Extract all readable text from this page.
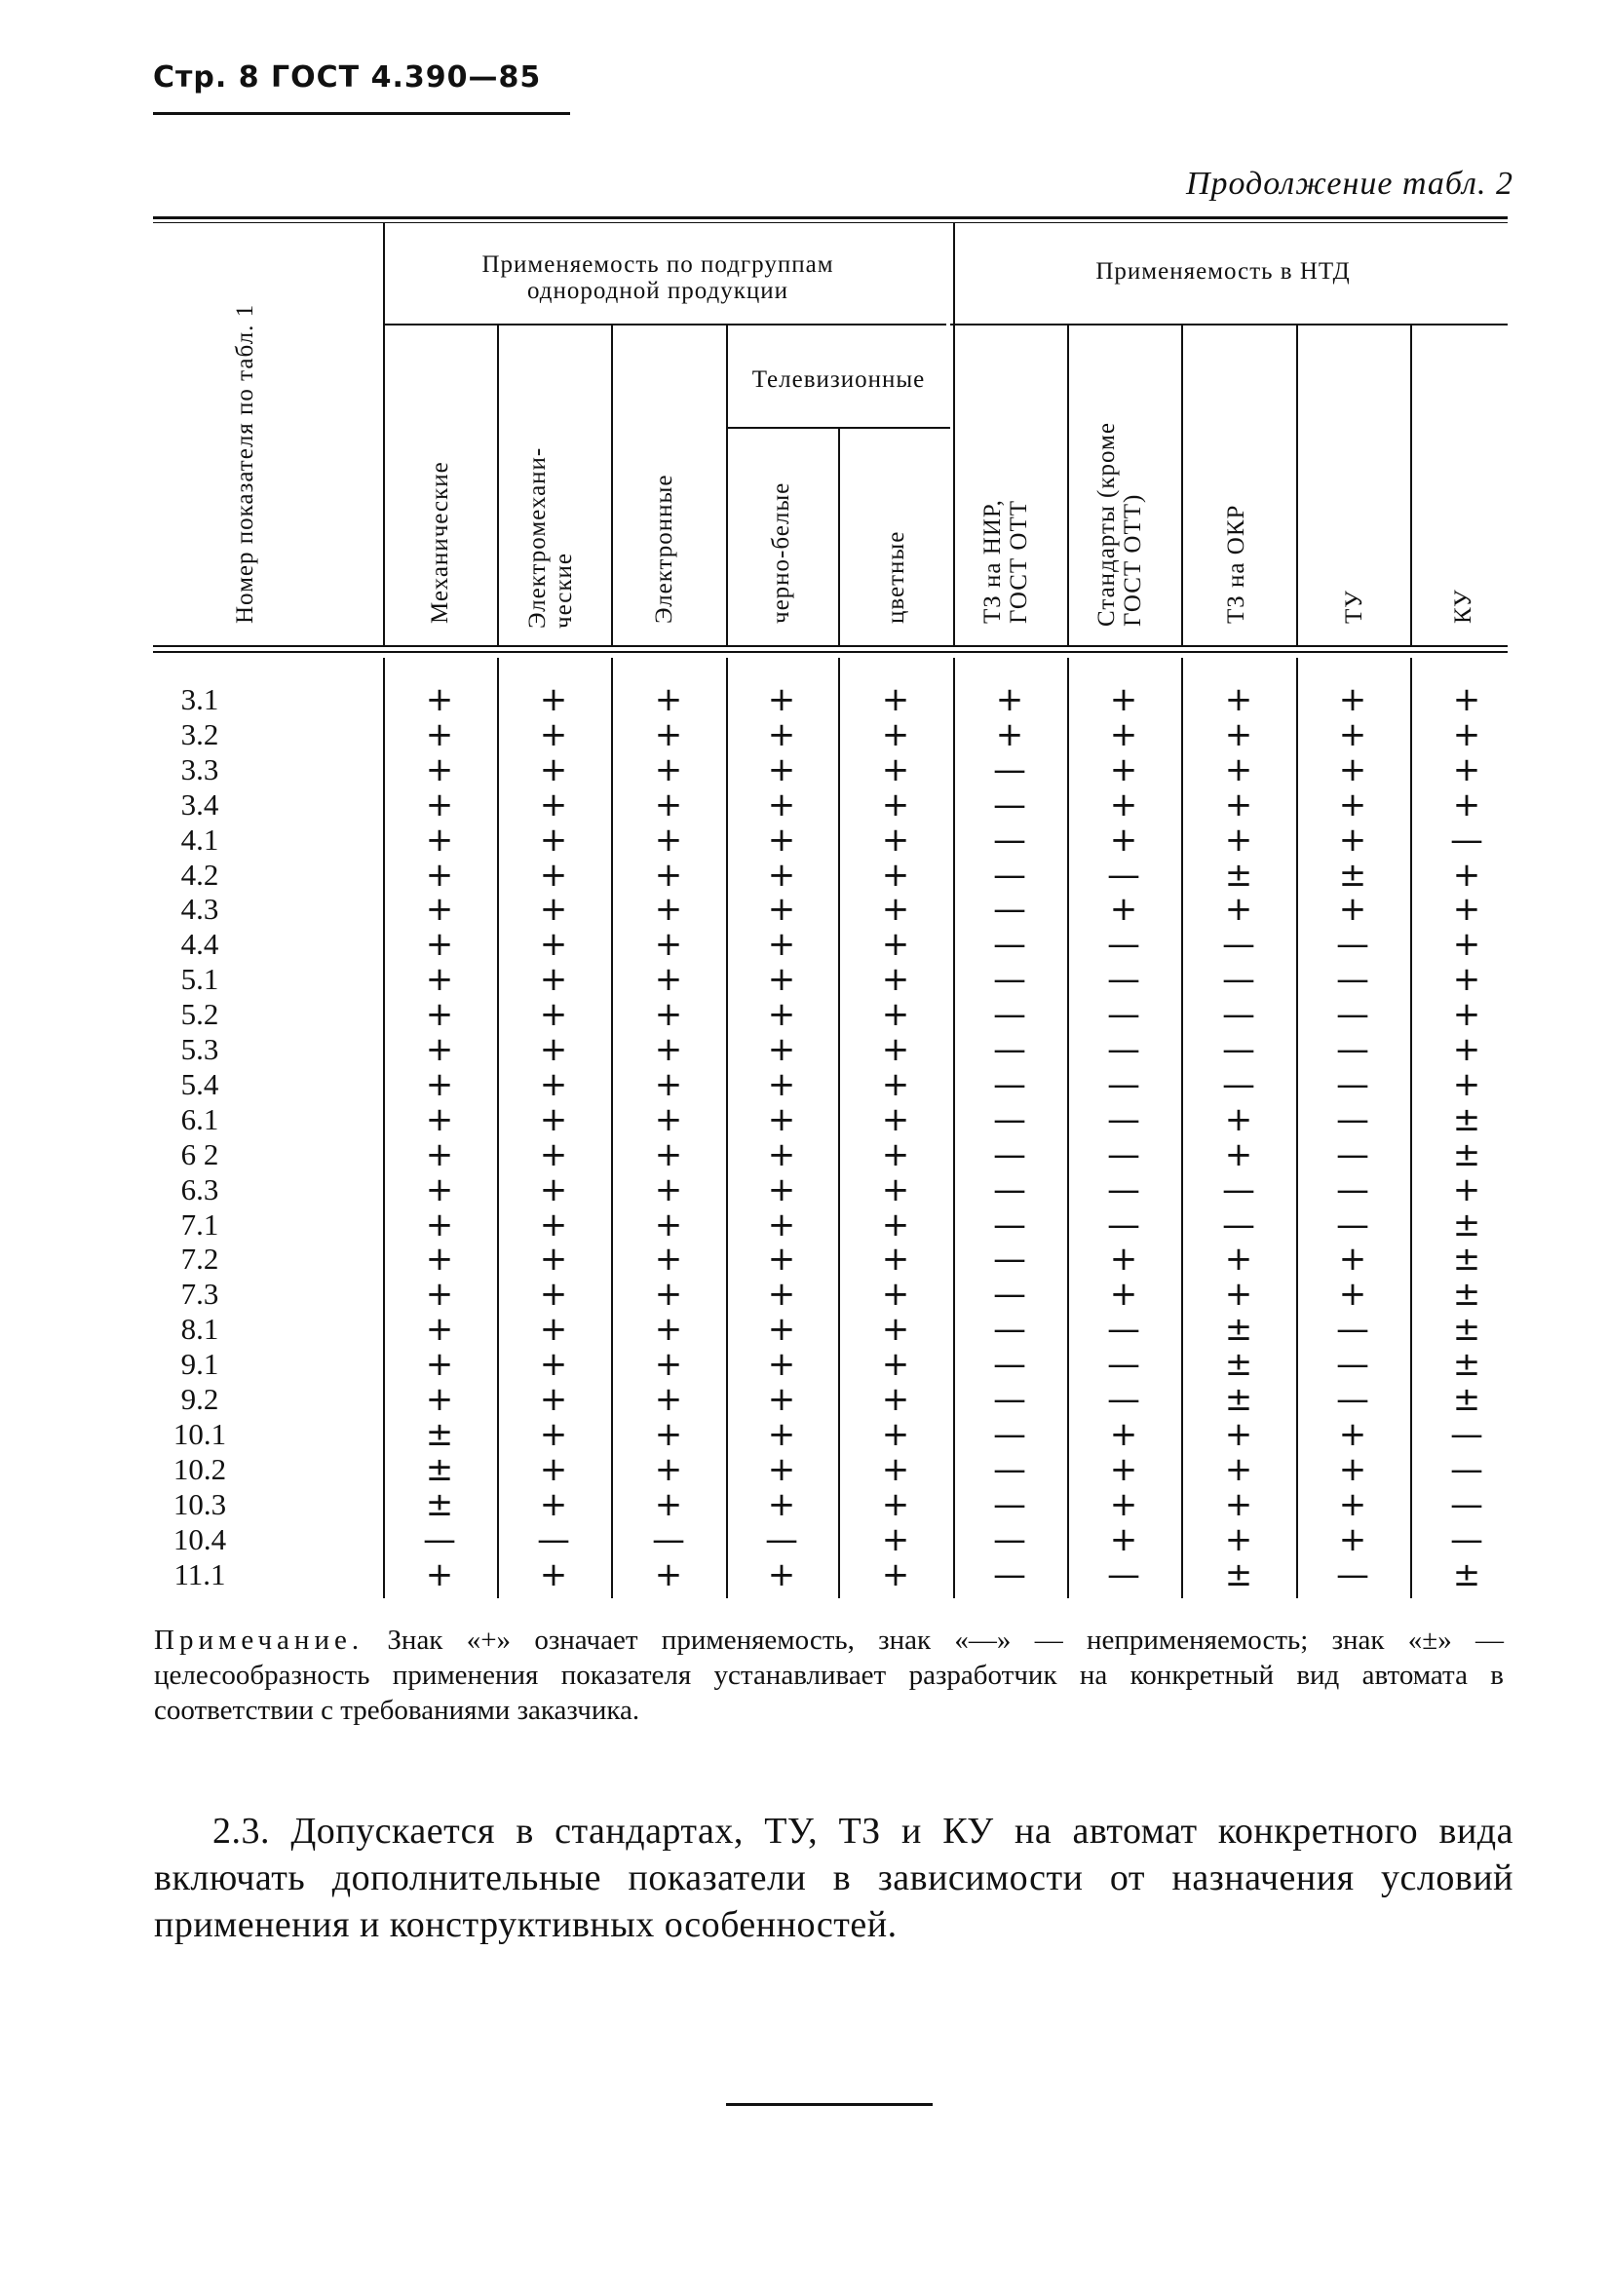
Стр. 8 ГОСТ 4.390—85
Продолжение табл. 2
Применяемость по подгруппам однородной продукции
Применяемость в НТД
Телевизионные
Номер показателя по табл. 1	Механические	Электромехани-
ческие	Электронные	черно-белые	цветные	ТЗ на НИР,
ГОСТ ОТТ	Стандарты (кроме
ГОСТ ОТТ)	ТЗ на ОКР	ТУ	КУ
3.1	+	+	+	+	+	+	+	+	+	+
3.2	+	+	+	+	+	+	+	+	+	+
3.3	+	+	+	+	+	—	+	+	+	+
3.4	+	+	+	+	+	—	+	+	+	+
4.1	+	+	+	+	+	—	+	+	+	—
4.2	+	+	+	+	+	—	—	±	±	+
4.3	+	+	+	+	+	—	+	+	+	+
4.4	+	+	+	+	+	—	—	—	—	+
5.1	+	+	+	+	+	—	—	—	—	+
5.2	+	+	+	+	+	—	—	—	—	+
5.3	+	+	+	+	+	—	—	—	—	+
5.4	+	+	+	+	+	—	—	—	—	+
6.1	+	+	+	+	+	—	—	+	—	±
6 2	+	+	+	+	+	—	—	+	—	±
6.3	+	+	+	+	+	—	—	—	—	+
7.1	+	+	+	+	+	—	—	—	—	±
7.2	+	+	+	+	+	—	+	+	+	±
7.3	+	+	+	+	+	—	+	+	+	±
8.1	+	+	+	+	+	—	—	±	—	±
9.1	+	+	+	+	+	—	—	±	—	±
9.2	+	+	+	+	+	—	—	±	—	±
10.1	±	+	+	+	+	—	+	+	+	—
10.2	±	+	+	+	+	—	+	+	+	—
10.3	±	+	+	+	+	—	+	+	+	—
10.4	—	—	—	—	+	—	+	+	+	—
11.1	+	+	+	+	+	—	—	±	—	±
Примечание. Знак «+» означает применяемость, знак «—» — неприменяемость; знак «±» — целесообразность применения показателя устанавливает разработчик на конкретный вид автомата в соответствии с требованиями заказчика.
2.3. Допускается в стандартах, ТУ, ТЗ и КУ на автомат конкретного вида включать дополнительные показатели в зависимости от назначения условий применения и конструктивных особенностей.
